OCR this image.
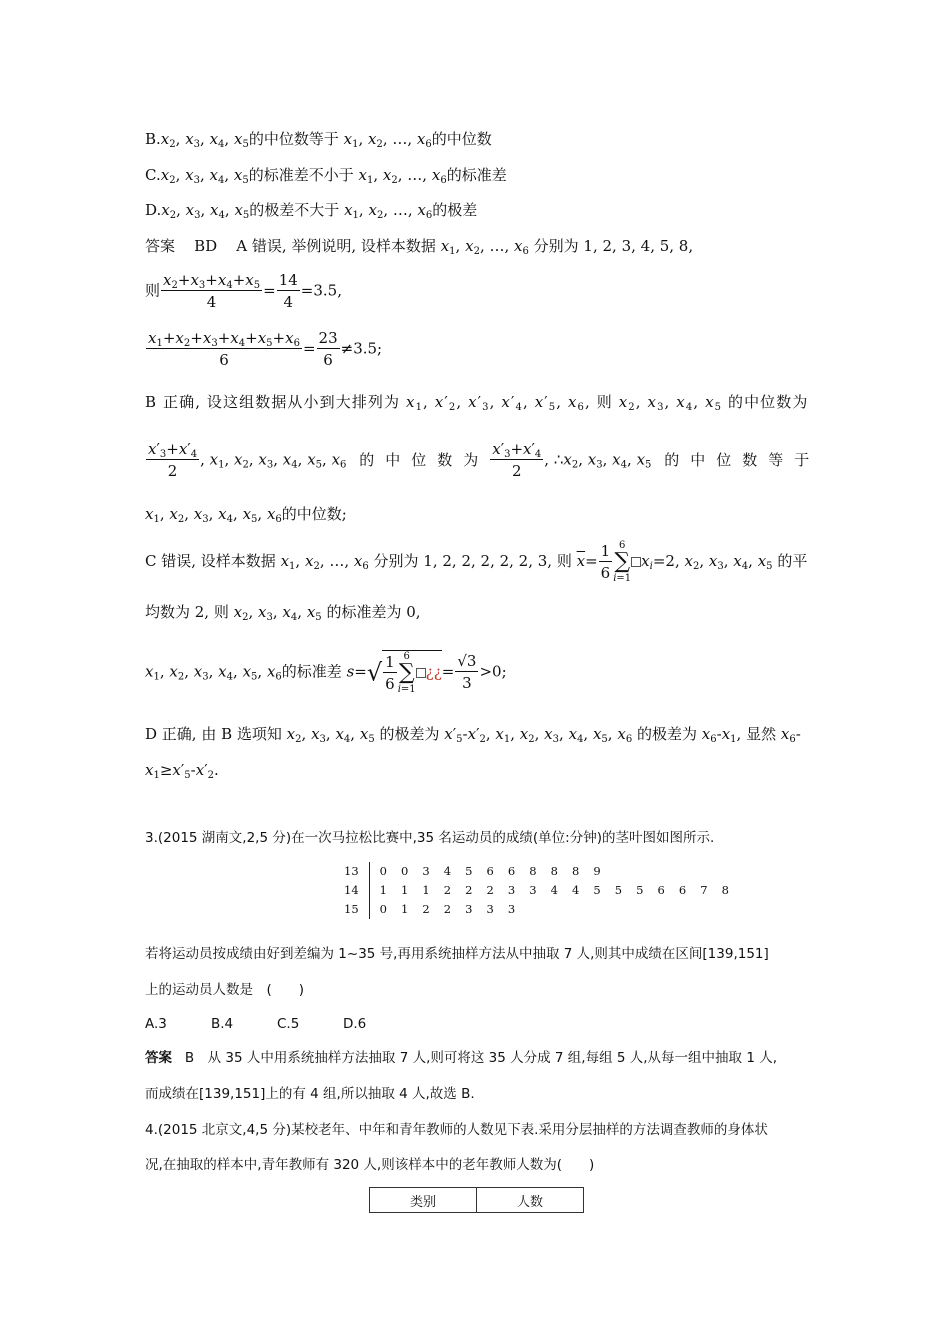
$B.x_2$, $x_3$, $x_4$, $x_5$的中位数等于 $x_1$, $x_2$, …, $x_6$的中位数
$C.x_2$, $x_3$, $x_4$, $x_5$的标准差不小于 $x_1$, $x_2$, …, $x_6$的标准差
$D.x_2$, $x_3$, $x_4$, $x_5$的极差不大于 $x_1$, $x_2$, …, $x_6$的极差
答案 BD A 错误, 举例说明, 设样本数据 $x_1$, $x_2$, …, $x_6$ 分别为 1, 2, 3, 4, 5, 8,
则 $\frac{x_2+x_3+x_4+x_5}{4} = \frac{14}{4} =3.5$,
$\frac{x_1+x_2+x_3+x_4+x_5+x_6}{6} = \frac{23}{6} \ne 3.5$;
B 正确, 设这组数据从小到大排列为 $x_1$, $x'_2$, $x'_3$, $x'_4$, $x'_5$, $x_6$, 则 $x_2$, $x_3$, $x_4$, $x_5$ 的中位数为
$\frac{x'_3+x'_4}{2}$ , $x_1$, $x_2$, $x_3$, $x_4$, $x_5$, $x_6$ 的中位数为 $\frac{x'_3+x'_4}{2}$ , $\therefore x_2$, $x_3$, $x_4$, $x_5$ 的中位数等于
$x_1$, $x_2$, $x_3$, $x_4$, $x_5$, $x_6$的中位数;
C 错误, 设样本数据 $x_1$, $x_2$, …, $x_6$ 分别为 1, 2, 2, 2, 2, 2, 3, 则 $\overline{x}= \frac{1}{6} 6$
∑
$i=1x_i=2$, $x_2$, $x_3$, $x_4$, $x_5$ 的平
均数为 2, 则 $x_2$, $x_3$, $x_4$, $x_5$ 的标准差为 0,
$x_1$, $x_2$, $x_3$, $x_4$, $x_5$, $x_6$的标准差 $s=√ \frac{1}{6} 6$
∑
i=1¿¿= $\frac{√3}{3} >0$;
D 正确, 由 B 选项知 $x_2$, $x_3$, $x_4$, $x_5$ 的极差为 $x'_5-x'_2$, $x_1$, $x_2$, $x_3$, $x_4$, $x_5$, $x_6$ 的极差为 $x_6-x_1$, 显然 $x_6-$
$x_1\ge x'_5-x'_2$.
3.(2015 湖南文,2,5 分)在一次马拉松比赛中,35 名运动员的成绩(单位:分钟)的茎叶图如图所示.
13	0 0 3 4 5 6 6 8 8 8 9
14	1 1 1 2 2 2 3 3 4 4 5 5 5 6 6 7 8
15	0 1 2 2 3 3 3
若将运动员按成绩由好到差编为 1~35 号,再用系统抽样方法从中抽取 7 人,则其中成绩在区间[139,151]
上的运动员人数是　(　　)
A.3	B.4	C.5	D.6
答案 B　从 35 人中用系统抽样方法抽取 7 人,则可将这 35 人分成 7 组,每组 5 人,从每一组中抽取 1 人,
而成绩在[139,151]上的有 4 组,所以抽取 4 人,故选 B.
4.(2015 北京文,4,5 分)某校老年、中年和青年教师的人数见下表.采用分层抽样的方法调查教师的身体状
况,在抽取的样本中,青年教师有 320 人,则该样本中的老年教师人数为(　　)
类别	人数
